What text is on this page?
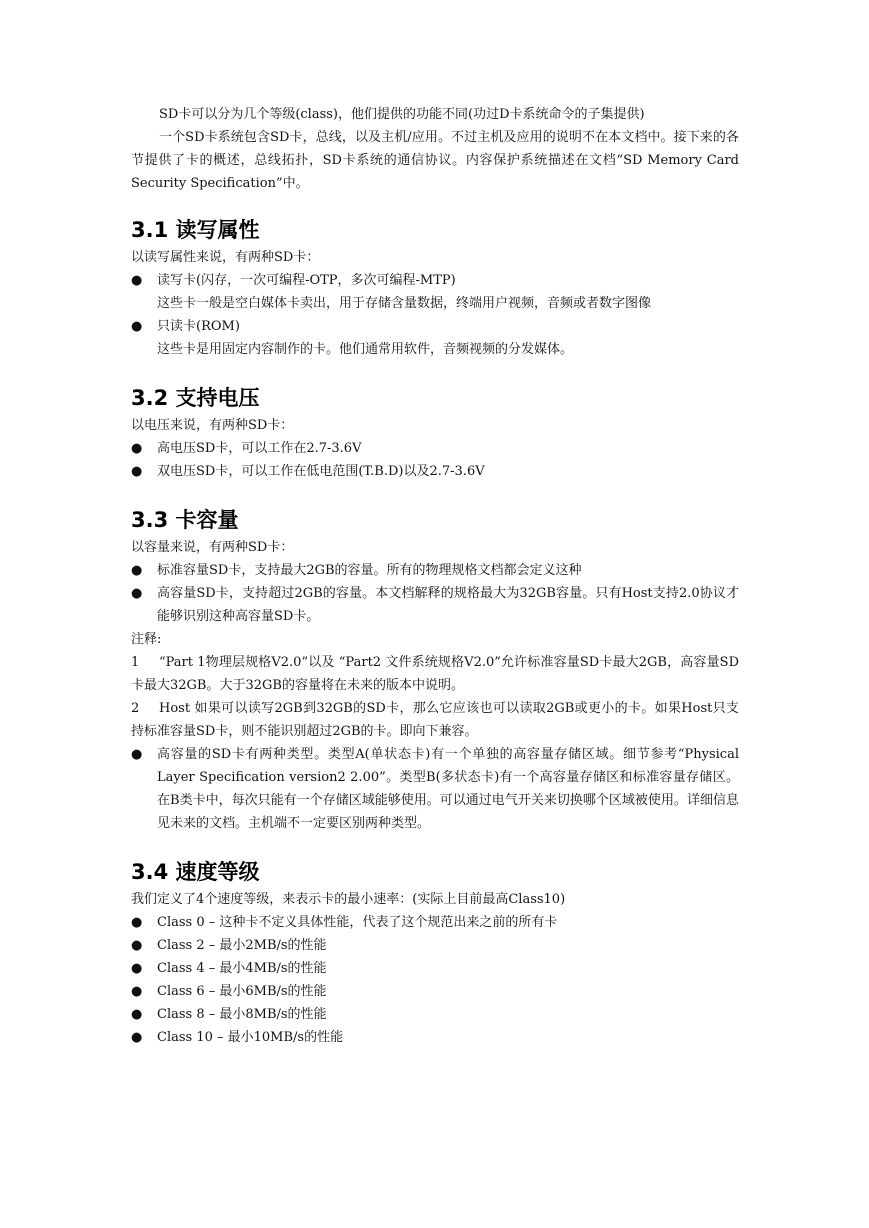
SD卡可以分为几个等级(class)，他们提供的功能不同(功过D卡系统命令的子集提供)

一个SD卡系统包含SD卡，总线，以及主机/应用。不过主机及应用的说明不在本文档中。接下来的各节提供了卡的概述，总线拓扑，SD卡系统的通信协议。内容保护系统描述在文档“SD Memory Card Security Specification”中。

3.1 读写属性

以读写属性来说，有两种SD卡：

●	读写卡(闪存，一次可编程-OTP，多次可编程-MTP)

这些卡一般是空白媒体卡卖出，用于存储含量数据，终端用户视频，音频或者数字图像

●	只读卡(ROM)

这些卡是用固定内容制作的卡。他们通常用软件，音频视频的分发媒体。

3.2 支持电压

以电压来说，有两种SD卡：

●	高电压SD卡，可以工作在2.7-3.6V
●	双电压SD卡，可以工作在低电范围(T.B.D)以及2.7-3.6V
3.3 卡容量

以容量来说，有两种SD卡：

●	标准容量SD卡，支持最大2GB的容量。所有的物理规格文档都会定义这种
●	高容量SD卡，支持超过2GB的容量。本文档解释的规格最大为32GB容量。只有Host支持2.0协议才能够识别这种高容量SD卡。

注释:

1 “Part 1物理层规格V2.0”以及 “Part2 文件系统规格V2.0”允许标准容量SD卡最大2GB，高容量SD卡最大32GB。大于32GB的容量将在未来的版本中说明。

2 Host 如果可以读写2GB到32GB的SD卡，那么它应该也可以读取2GB或更小的卡。如果Host只支持标准容量SD卡，则不能识别超过2GB的卡。即向下兼容。

●	高容量的SD卡有两种类型。类型A(单状态卡)有一个单独的高容量存储区域。细节参考“Physical Layer Specification version2 2.00”。类型B(多状态卡)有一个高容量存储区和标准容量存储区。在B类卡中，每次只能有一个存储区域能够使用。可以通过电气开关来切换哪个区域被使用。详细信息见未来的文档。主机端不一定要区别两种类型。
3.4 速度等级

我们定义了4个速度等级，来表示卡的最小速率：(实际上目前最高Class10)

●	Class 0 – 这种卡不定义具体性能，代表了这个规范出来之前的所有卡
●	Class 2 – 最小2MB/s的性能
●	Class 4 – 最小4MB/s的性能
●	Class 6 – 最小6MB/s的性能
●	Class 8 – 最小8MB/s的性能
●	Class 10 – 最小10MB/s的性能
